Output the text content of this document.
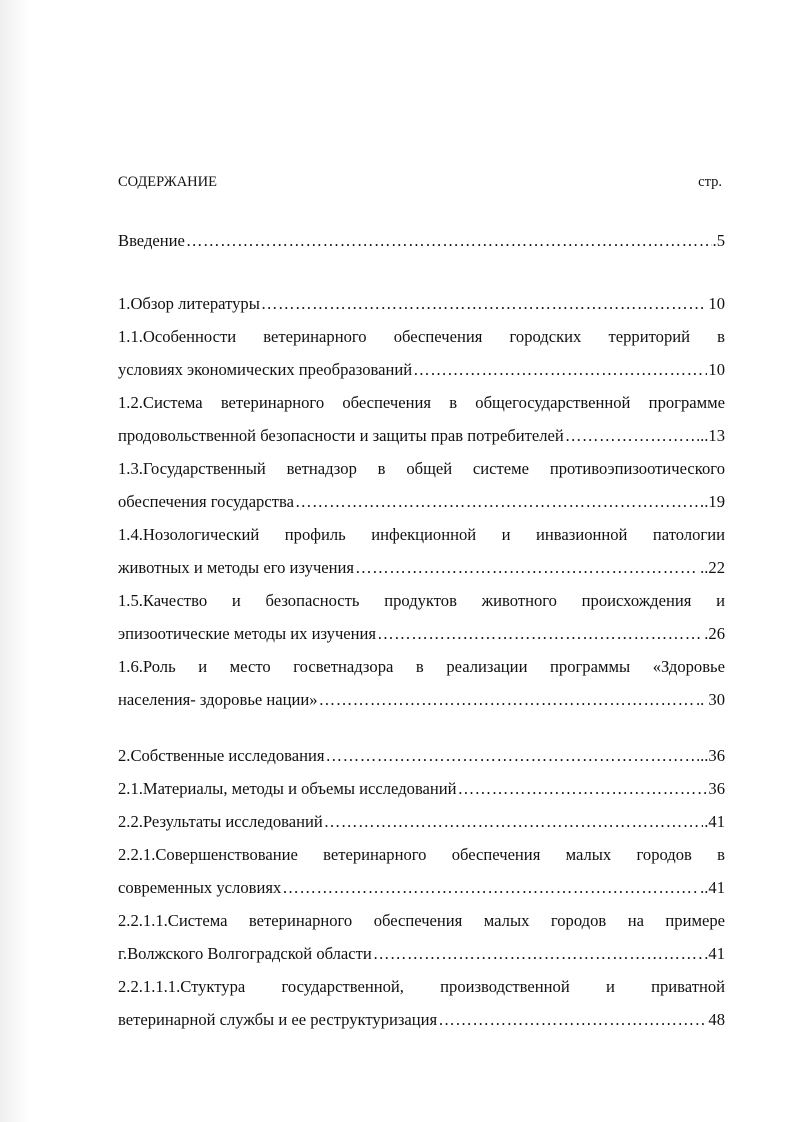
СОДЕРЖАНИЕ	стр.
Введение ………………………………………………………………………………………………………………………………	.5
1.Обзор литературы ………………………………………………………………………………………………………………………………	10
1.1.Особенности ветеринарного обеспечения городских территорий в
условиях экономических преобразований ………………………………………………………………………………………………………………………………	10
1.2.Система ветеринарного обеспечения в общегосударственной программе
продовольственной безопасности и защиты прав потребителей ………………………………………………………………………………………………………………………………	..13
1.3.Государственный ветнадзор в общей системе противоэпизоотического
обеспечения государства ………………………………………………………………………………………………………………………………	.19
1.4.Нозологический профиль инфекционной и инвазионной патологии
животных и методы его изучения ………………………………………………………………………………………………………………………………	..22
1.5.Качество и безопасность продуктов животного происхождения и
эпизоотические методы их изучения ………………………………………………………………………………………………………………………………	.26
1.6.Роль и место госветнадзора в реализации программы «Здоровье
населения- здоровье нации» ………………………………………………………………………………………………………………………………	.. 30
2.Собственные исследования ………………………………………………………………………………………………………………………………	..36
2.1.Материалы, методы и объемы исследований ………………………………………………………………………………………………………………………………	36
2.2.Результаты исследований ………………………………………………………………………………………………………………………………	.41
2.2.1.Совершенствование ветеринарного обеспечения малых городов в
современных условиях ………………………………………………………………………………………………………………………………	..41
2.2.1.1.Система ветеринарного обеспечения малых городов на примере
г.Волжского Волгоградской области ………………………………………………………………………………………………………………………………	.41
2.2.1.1.1.Стуктура государственной, производственной и приватной
ветеринарной службы и ее реструктуризация ………………………………………………………………………………………………………………………………	48
